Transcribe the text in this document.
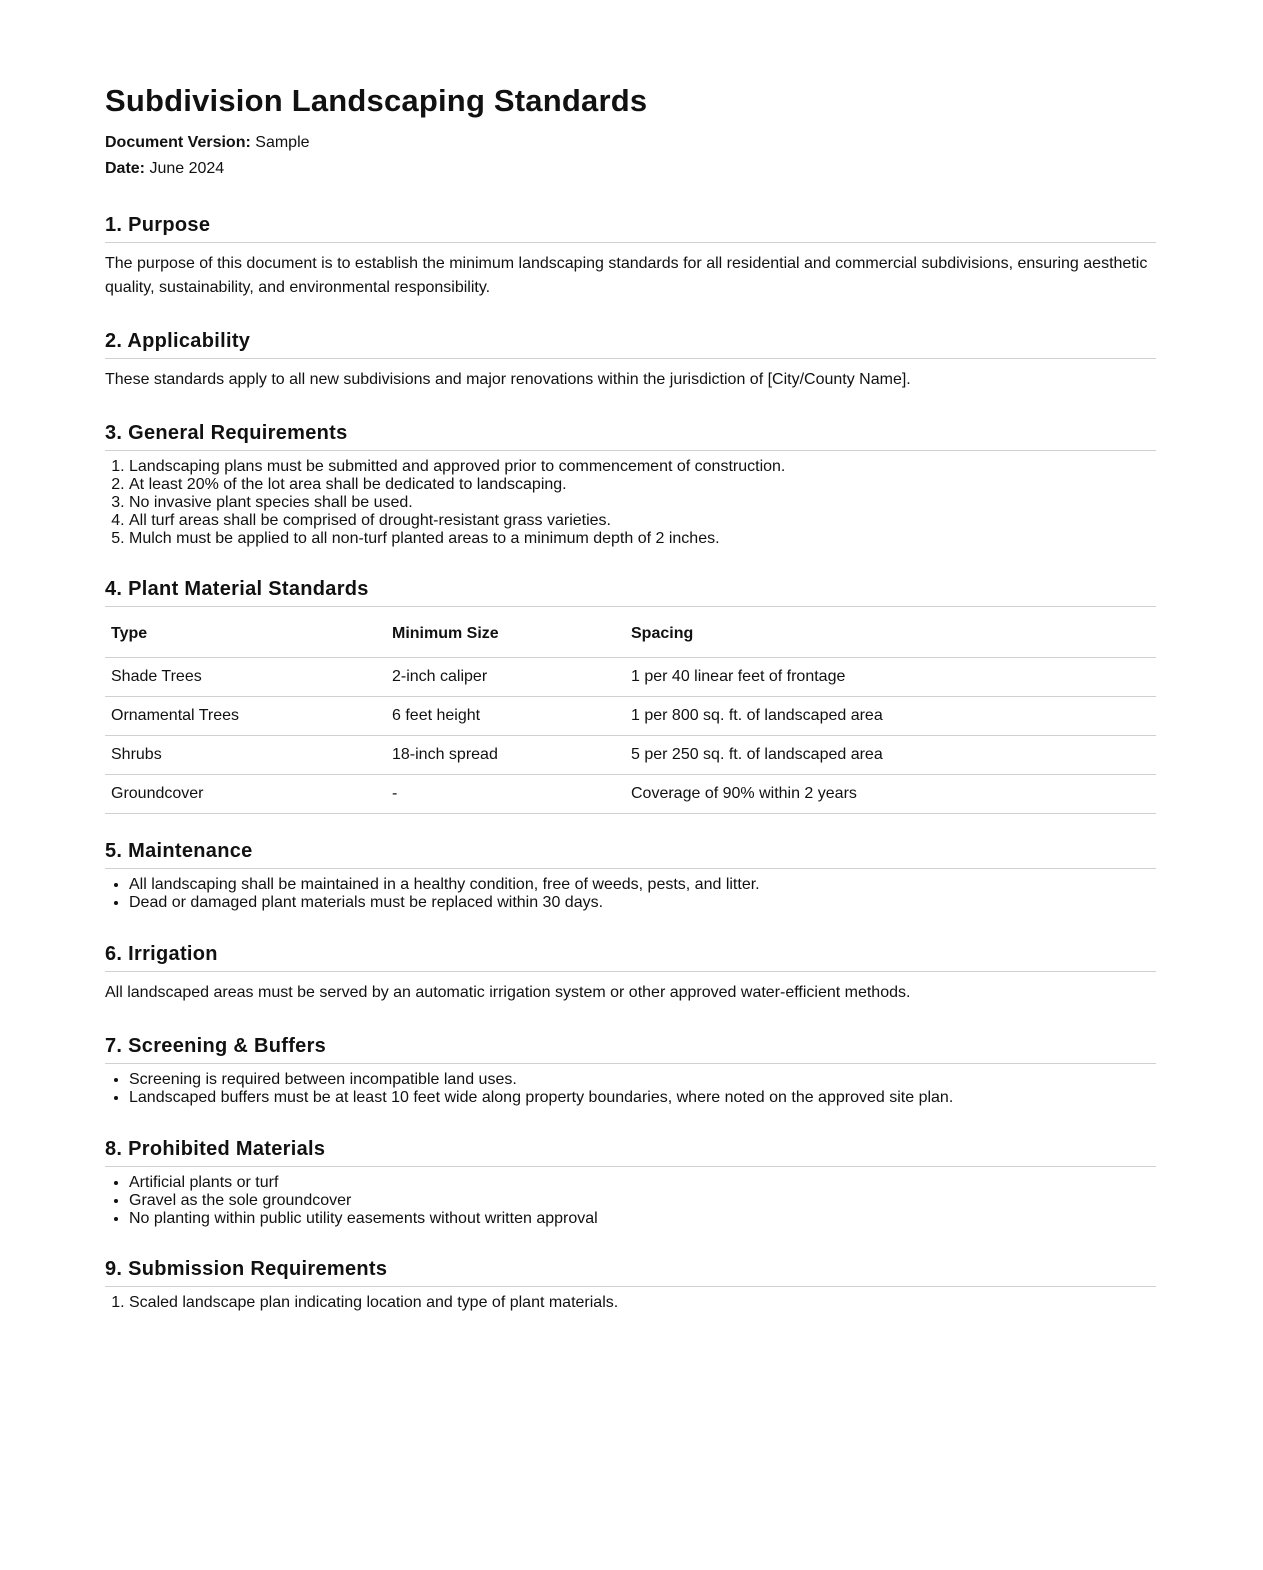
Subdivision Landscaping Standards
Document Version: Sample
Date: June 2024
1. Purpose

The purpose of this document is to establish the minimum landscaping standards for all residential and commercial subdivisions, ensuring aesthetic quality, sustainability, and environmental responsibility.

2. Applicability

These standards apply to all new subdivisions and major renovations within the jurisdiction of [City/County Name].

3. General Requirements
1. Landscaping plans must be submitted and approved prior to commencement of construction.
2. At least 20% of the lot area shall be dedicated to landscaping.
3. No invasive plant species shall be used.
4. All turf areas shall be comprised of drought-resistant grass varieties.
5. Mulch must be applied to all non-turf planted areas to a minimum depth of 2 inches.
4. Plant Material Standards
Type	Minimum Size	Spacing
Shade Trees	2-inch caliper	1 per 40 linear feet of frontage
Ornamental Trees	6 feet height	1 per 800 sq. ft. of landscaped area
Shrubs	18-inch spread	5 per 250 sq. ft. of landscaped area
Groundcover	-	Coverage of 90% within 2 years
5. Maintenance
• All landscaping shall be maintained in a healthy condition, free of weeds, pests, and litter.
• Dead or damaged plant materials must be replaced within 30 days.
6. Irrigation

All landscaped areas must be served by an automatic irrigation system or other approved water-efficient methods.

7. Screening & Buffers
• Screening is required between incompatible land uses.
• Landscaped buffers must be at least 10 feet wide along property boundaries, where noted on the approved site plan.
8. Prohibited Materials
• Artificial plants or turf
• Gravel as the sole groundcover
• No planting within public utility easements without written approval
9. Submission Requirements
1. Scaled landscape plan indicating location and type of plant materials.
